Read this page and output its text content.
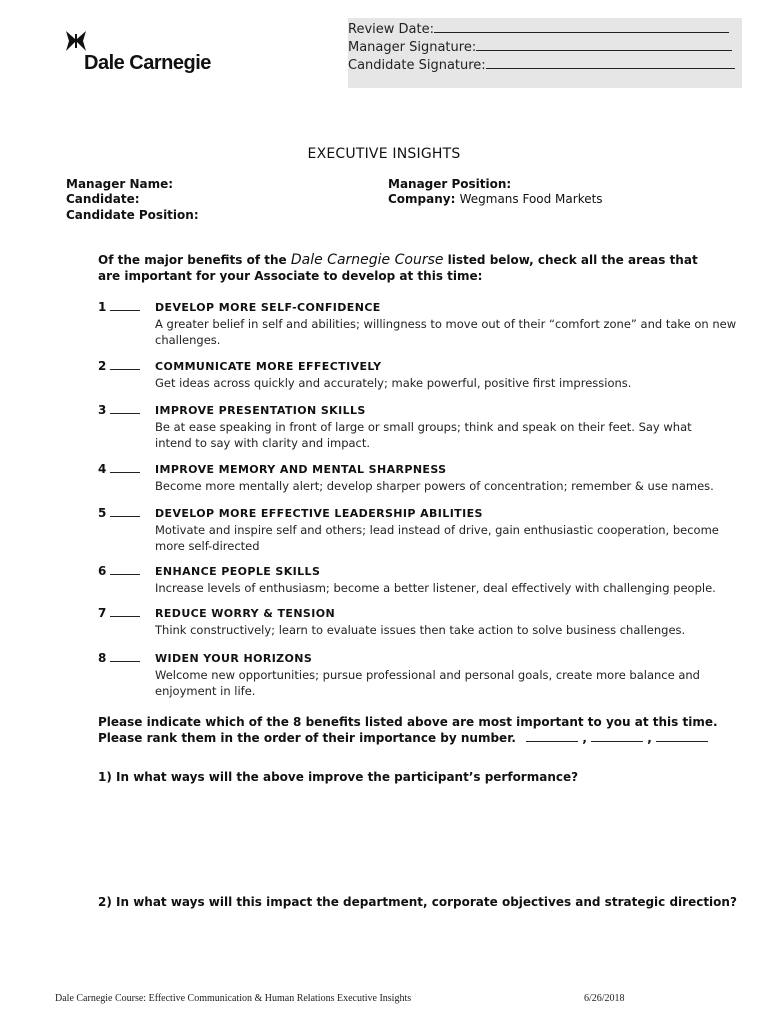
Dale Carnegie
Review Date:
Manager Signature:
Candidate Signature:
EXECUTIVE INSIGHTS
Manager Name:
Candidate:
Candidate Position:
Manager Position:
Company: Wegmans Food Markets
Of the major benefits of the Dale Carnegie Course listed below, check all the areas that are important for your Associate to develop at this time:
1	DEVELOP MORE SELF-CONFIDENCE
A greater belief in self and abilities; willingness to move out of their “comfort zone” and take on new
challenges.
2	COMMUNICATE MORE EFFECTIVELY
Get ideas across quickly and accurately; make powerful, positive first impressions.
3	IMPROVE PRESENTATION SKILLS
Be at ease speaking in front of large or small groups; think and speak on their feet. Say what
intend to say with clarity and impact.
4	IMPROVE MEMORY AND MENTAL SHARPNESS
Become more mentally alert; develop sharper powers of concentration; remember & use names.
5	DEVELOP MORE EFFECTIVE LEADERSHIP ABILITIES
Motivate and inspire self and others; lead instead of drive, gain enthusiastic cooperation, become
more self-directed
6	ENHANCE PEOPLE SKILLS
Increase levels of enthusiasm; become a better listener, deal effectively with challenging people.
7	REDUCE WORRY & TENSION
Think constructively; learn to evaluate issues then take action to solve business challenges.
8	WIDEN YOUR HORIZONS
Welcome new opportunities; pursue professional and personal goals, create more balance and
enjoyment in life.
Please indicate which of the 8 benefits listed above are most important to you at this time.
Please rank them in the order of their importance by number.	,	,
1) In what ways will the above improve the participant’s performance?
2) In what ways will this impact the department, corporate objectives and strategic direction?
Dale Carnegie Course: Effective Communication & Human Relations Executive Insights	6/26/2018
